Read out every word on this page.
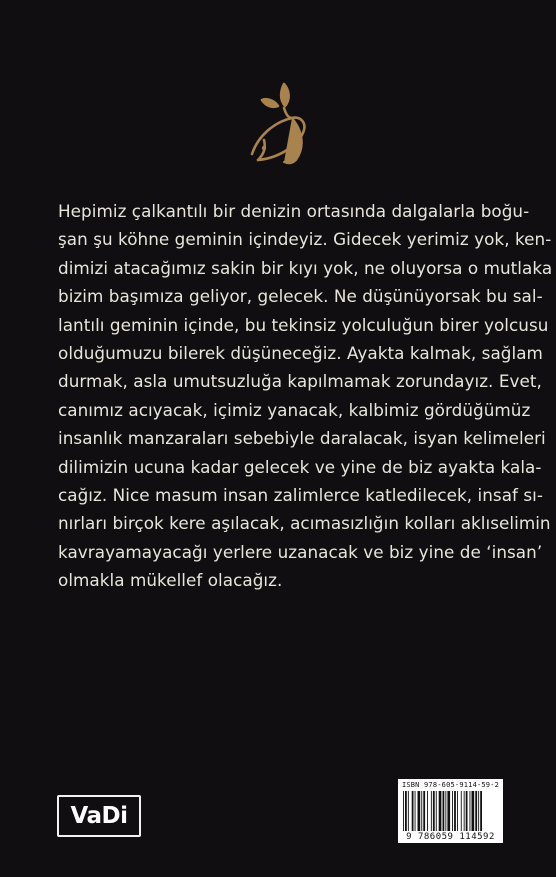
Hepimiz çalkantılı bir denizin ortasında dalgalarla boğu-
şan şu köhne geminin içindeyiz. Gidecek yerimiz yok, ken-
dimizi atacağımız sakin bir kıyı yok, ne oluyorsa o mutlaka
bizim başımıza geliyor, gelecek. Ne düşünüyorsak bu sal-
lantılı geminin içinde, bu tekinsiz yolculuğun birer yolcusu
olduğumuzu bilerek düşüneceğiz. Ayakta kalmak, sağlam
durmak, asla umutsuzluğa kapılmamak zorundayız. Evet,
canımız acıyacak, içimiz yanacak, kalbimiz gördüğümüz
insanlık manzaraları sebebiyle daralacak, isyan kelimeleri
dilimizin ucuna kadar gelecek ve yine de biz ayakta kala-
cağız. Nice masum insan zalimlerce katledilecek, insaf sı-
nırları birçok kere aşılacak, acımasızlığın kolları aklıselimin
kavrayamayacağı yerlere uzanacak ve biz yine de ‘insan’
olmakla mükellef olacağız.
VaDi
ISBN 978-605-9114-59-2
9 786059 114592
